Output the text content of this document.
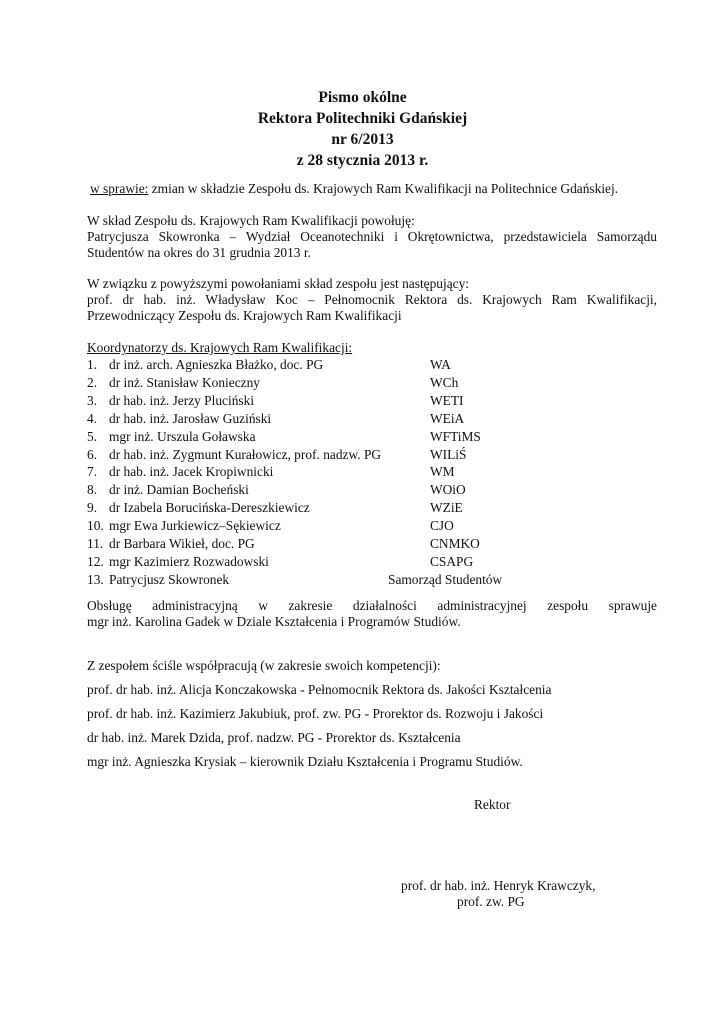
Pismo okólne
Rektora Politechniki Gdańskiej
nr 6/2013
z 28 stycznia 2013 r.
w sprawie: zmian w składzie Zespołu ds. Krajowych Ram Kwalifikacji na Politechnice Gdańskiej.
W skład Zespołu ds. Krajowych Ram Kwalifikacji powołuję:
Patrycjusza Skowronka – Wydział Oceanotechniki i Okrętownictwa, przedstawiciela Samorządu
Studentów na okres do 31 grudnia 2013 r.
W związku z powyższymi powołaniami skład zespołu jest następujący:
prof. dr hab. inż. Władysław Koc – Pełnomocnik Rektora ds. Krajowych Ram Kwalifikacji,
Przewodniczący Zespołu ds. Krajowych Ram Kwalifikacji
Koordynatorzy ds. Krajowych Ram Kwalifikacji:
1. dr inż. arch. Agnieszka Błażko, doc. PG	WA
2. dr inż. Stanisław Konieczny	WCh
3. dr hab. inż. Jerzy Pluciński	WETI
4. dr hab. inż. Jarosław Guziński	WEiA
5. mgr inż. Urszula Goławska	WFTiMS
6. dr hab. inż. Zygmunt Kurałowicz, prof. nadzw. PG	WILiŚ
7. dr hab. inż. Jacek Kropiwnicki	WM
8. dr inż. Damian Bocheński	WOiO
9. dr Izabela Borucińska-Dereszkiewicz	WZiE
10. mgr Ewa Jurkiewicz–Sękiewicz	CJO
11. dr Barbara Wikieł, doc. PG	CNMKO
12. mgr Kazimierz Rozwadowski	CSAPG
13. Patrycjusz Skowronek	Samorząd Studentów
Obsługę administracyjną w zakresie działalności administracyjnej zespołu sprawuje
mgr inż. Karolina Gadek w Dziale Kształcenia i Programów Studiów.
Z zespołem ściśle współpracują (w zakresie swoich kompetencji):
prof. dr hab. inż. Alicja Konczakowska - Pełnomocnik Rektora ds. Jakości Kształcenia
prof. dr hab. inż. Kazimierz Jakubiuk, prof. zw. PG - Prorektor ds. Rozwoju i Jakości
dr hab. inż. Marek Dzida, prof. nadzw. PG - Prorektor ds. Kształcenia
mgr inż. Agnieszka Krysiak – kierownik Działu Kształcenia i Programu Studiów.
Rektor
prof. dr hab. inż. Henryk Krawczyk,
prof. zw. PG
